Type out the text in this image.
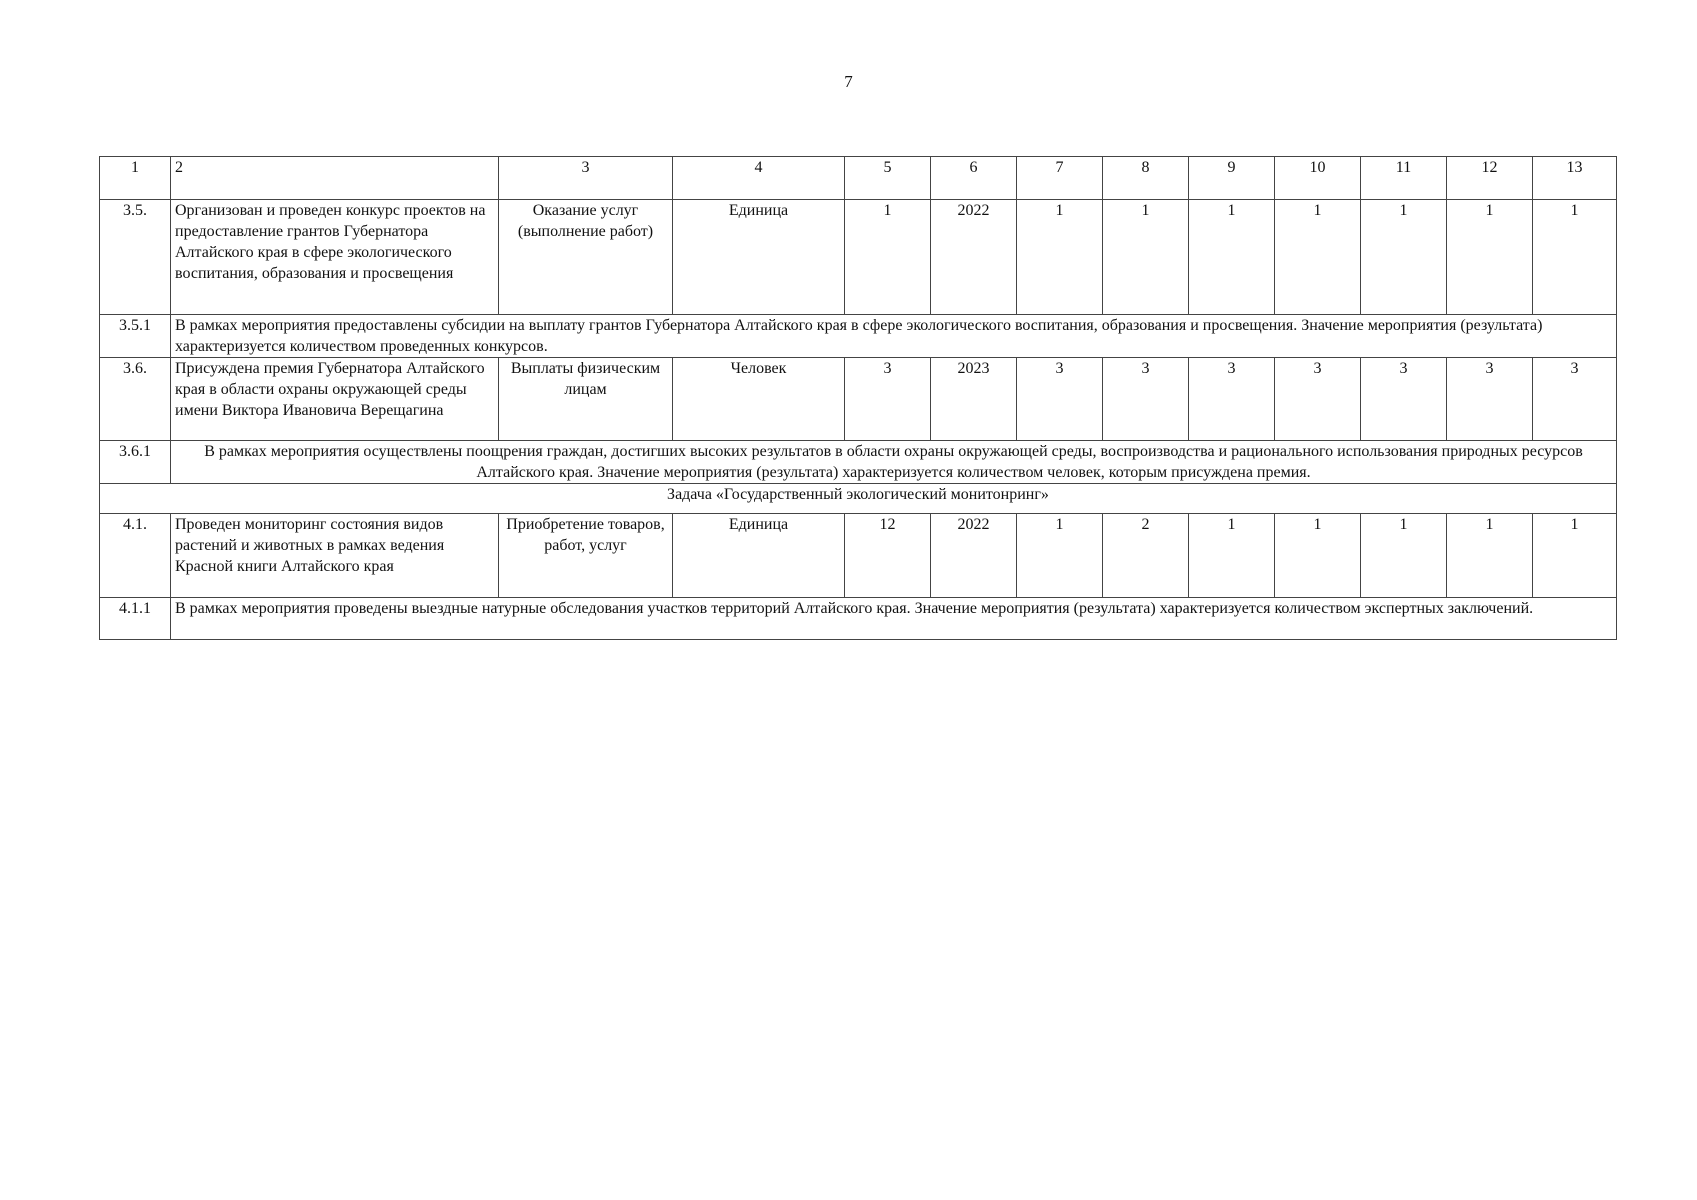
7
1	2	3	4	5	6	7	8	9	10	11	12	13
3.5.	Организован и проведен конкурс проектов на предоставление грантов Губернатора Алтайского края в сфере экологического воспитания, образования и просвещения	Оказание услуг (выполнение работ)	Единица	1	2022	1	1	1	1	1	1	1
3.5.1	В рамках мероприятия предоставлены субсидии на выплату грантов Губернатора Алтайского края в сфере экологического воспитания, образования и просвещения. Значение мероприятия (результата) характеризуется количеством проведенных конкурсов.											
3.6.	Присуждена премия Губернатора Алтайского края в области охраны окружающей среды имени Виктора Ивановича Верещагина	Выплаты физическим лицам	Человек	3	2023	3	3	3	3	3	3	3
3.6.1	В рамках мероприятия осуществлены поощрения граждан, достигших высоких результатов в области охраны окружающей среды, воспроизводства и рационального использования природных ресурсов Алтайского края. Значение мероприятия (результата) характеризуется количеством человек, которым присуждена премия.											
Задача «Государственный экологический монитонринг»												
4.1.	Проведен мониторинг состояния видов растений и животных в рамках ведения Красной книги Алтайского края	Приобретение товаров, работ, услуг	Единица	12	2022	1	2	1	1	1	1	1
4.1.1	В рамках мероприятия проведены выездные натурные обследования участков территорий Алтайского края. Значение мероприятия (результата) характеризуется количеством экспертных заключений.											
